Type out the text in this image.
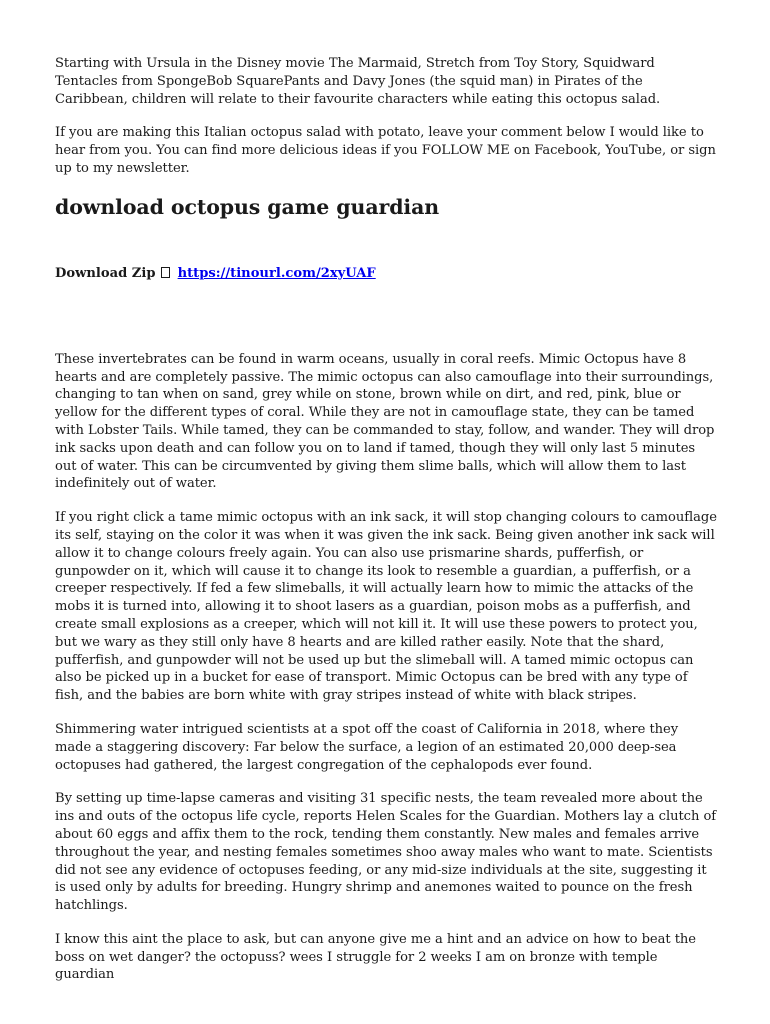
Starting with Ursula in the Disney movie The Marmaid, Stretch from Toy Story, Squidward Tentacles from SpongeBob SquarePants and Davy Jones (the squid man) in Pirates of the Caribbean, children will relate to their favourite characters while eating this octopus salad.

If you are making this Italian octopus salad with potato, leave your comment below I would like to hear from you. You can find more delicious ideas if you FOLLOW ME on Facebook, YouTube, or sign up to my newsletter.

download octopus game guardian
Download Zip https://tinourl.com/2xyUAF

These invertebrates can be found in warm oceans, usually in coral reefs. Mimic Octopus have 8 hearts and are completely passive. The mimic octopus can also camouflage into their surroundings, changing to tan when on sand, grey while on stone, brown while on dirt, and red, pink, blue or yellow for the different types of coral. While they are not in camouflage state, they can be tamed with Lobster Tails. While tamed, they can be commanded to stay, follow, and wander. They will drop ink sacks upon death and can follow you on to land if tamed, though they will only last 5 minutes out of water. This can be circumvented by giving them slime balls, which will allow them to last indefinitely out of water.

If you right click a tame mimic octopus with an ink sack, it will stop changing colours to camouflage its self, staying on the color it was when it was given the ink sack. Being given another ink sack will allow it to change colours freely again. You can also use prismarine shards, pufferfish, or gunpowder on it, which will cause it to change its look to resemble a guardian, a pufferfish, or a creeper respectively. If fed a few slimeballs, it will actually learn how to mimic the attacks of the mobs it is turned into, allowing it to shoot lasers as a guardian, poison mobs as a pufferfish, and create small explosions as a creeper, which will not kill it. It will use these powers to protect you, but we wary as they still only have 8 hearts and are killed rather easily. Note that the shard, pufferfish, and gunpowder will not be used up but the slimeball will. A tamed mimic octopus can also be picked up in a bucket for ease of transport. Mimic Octopus can be bred with any type of fish, and the babies are born white with gray stripes instead of white with black stripes.

Shimmering water intrigued scientists at a spot off the coast of California in 2018, where they made a staggering discovery: Far below the surface, a legion of an estimated 20,000 deep-sea octopuses had gathered, the largest congregation of the cephalopods ever found.

By setting up time-lapse cameras and visiting 31 specific nests, the team revealed more about the ins and outs of the octopus life cycle, reports Helen Scales for the Guardian. Mothers lay a clutch of about 60 eggs and affix them to the rock, tending them constantly. New males and females arrive throughout the year, and nesting females sometimes shoo away males who want to mate. Scientists did not see any evidence of octopuses feeding, or any mid-size individuals at the site, suggesting it is used only by adults for breeding. Hungry shrimp and anemones waited to pounce on the fresh hatchlings.

I know this aint the place to ask, but can anyone give me a hint and an advice on how to beat the boss on wet danger? the octopuss? wees I struggle for 2 weeks I am on bronze with temple guardian
